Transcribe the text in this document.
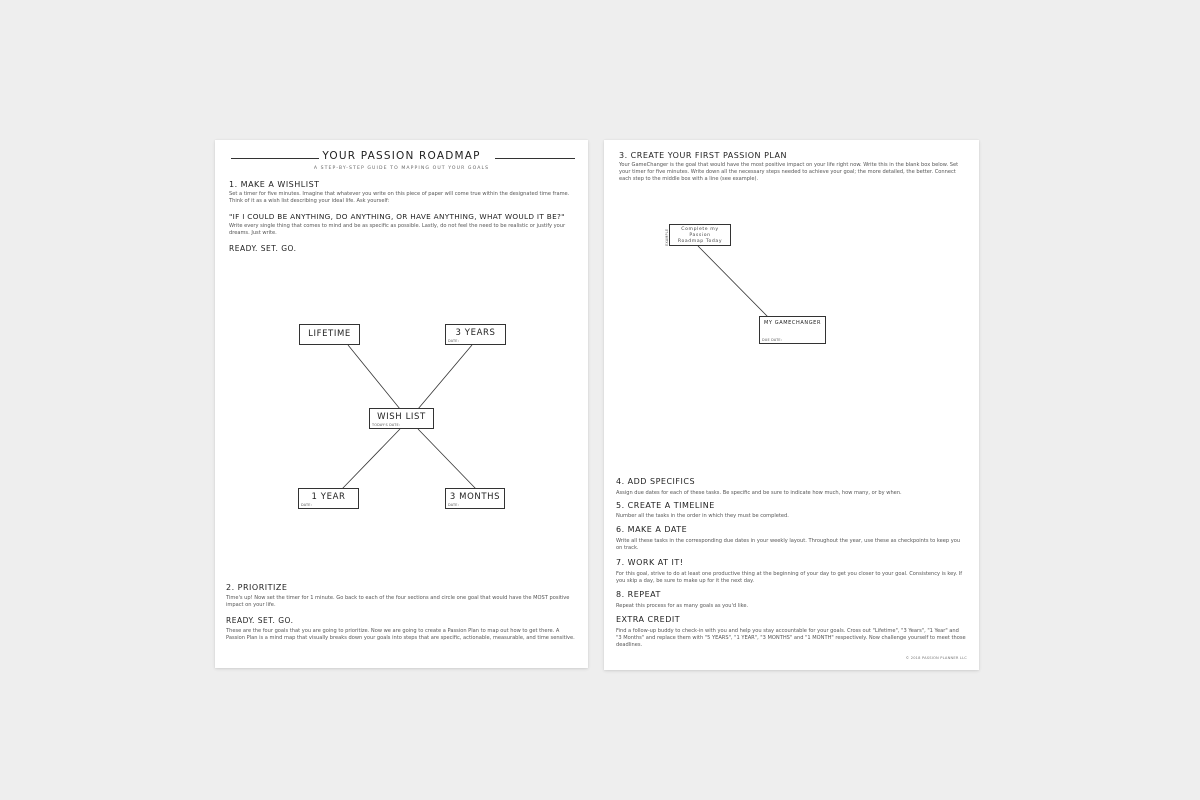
YOUR PASSION ROADMAP
A STEP-BY-STEP GUIDE TO MAPPING OUT YOUR GOALS

1. MAKE A WISHLIST

Set a timer for five minutes. Imagine that whatever you write on this piece of paper will come true within the designated time frame. Think of it as a wish list describing your ideal life. Ask yourself:

"IF I COULD BE ANYTHING, DO ANYTHING, OR HAVE ANYTHING, WHAT WOULD IT BE?"

Write every single thing that comes to mind and be as specific as possible. Lastly, do not feel the need to be realistic or justify your dreams. Just write.

READY. SET. GO.

LIFETIME	3 YEARS
DATE:
WISH LIST
TODAY'S DATE:
1 YEAR
DATE:
3 MONTHS
DATE:

2. PRIORITIZE

Time's up! Now set the timer for 1 minute. Go back to each of the four sections and circle one goal that would have the MOST positive impact on your life.

READY. SET. GO.

These are the four goals that you are going to prioritize. Now we are going to create a Passion Plan to map out how to get there. A Passion Plan is a mind map that visually breaks down your goals into steps that are specific, actionable, measurable, and time sensitive.

3. CREATE YOUR FIRST PASSION PLAN

Your GameChanger is the goal that would have the most positive impact on your life right now. Write this in the blank box below. Set your timer for five minutes. Write down all the necessary steps needed to achieve your goal; the more detailed, the better. Connect each step to the middle box with a line (see example).

EXAMPLE	Complete my Passion Roadmap Today
MY GAMECHANGER
DUE DATE:

4. ADD SPECIFICS

Assign due dates for each of these tasks. Be specific and be sure to indicate how much, how many, or by when.

5. CREATE A TIMELINE

Number all the tasks in the order in which they must be completed.

6. MAKE A DATE

Write all these tasks in the corresponding due dates in your weekly layout. Throughout the year, use these as checkpoints to keep you on track.

7. WORK AT IT!

For this goal, strive to do at least one productive thing at the beginning of your day to get you closer to your goal. Consistency is key. If you skip a day, be sure to make up for it the next day.

8. REPEAT

Repeat this process for as many goals as you'd like.

EXTRA CREDIT

Find a follow-up buddy to check-in with you and help you stay accountable for your goals. Cross out "Lifetime", "3 Years", "1 Year" and "3 Months" and replace them with "5 YEARS", "1 YEAR", "3 MONTHS" and "1 MONTH" respectively. Now challenge yourself to meet those deadlines.

© 2018 PASSION PLANNER LLC
